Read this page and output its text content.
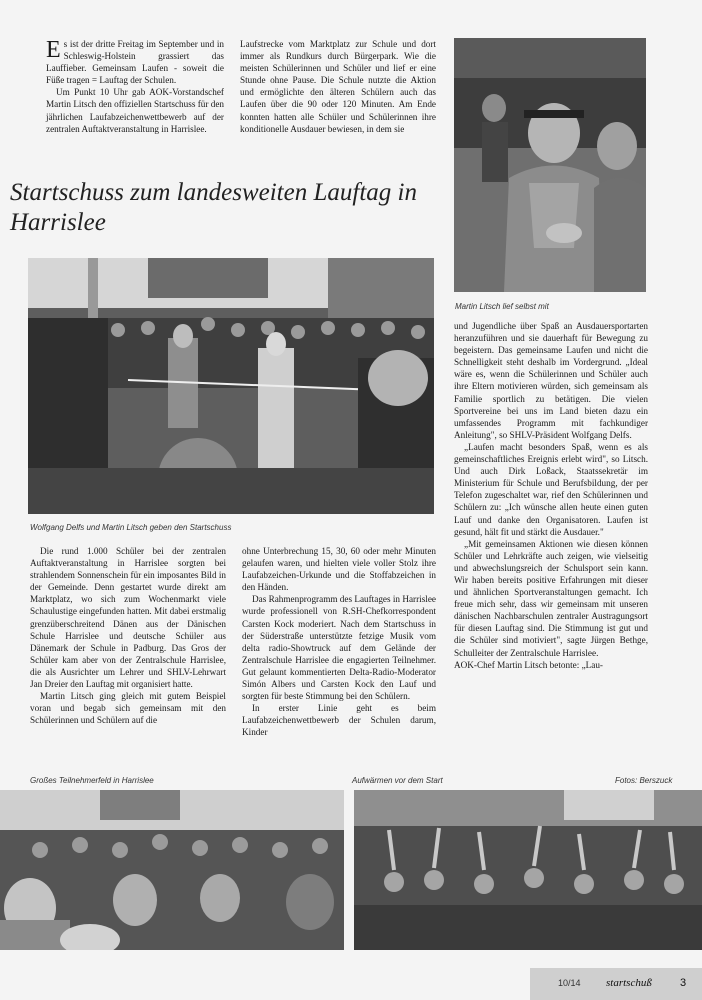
Es ist der dritte Freitag im September und in Schleswig-Holstein grassiert das Lauffieber. Gemeinsam Laufen - soweit die Füße tragen = Lauftag der Schulen.

Um Punkt 10 Uhr gab AOK-Vorstandschef Martin Litsch den offiziellen Startschuss für den jährlichen Laufabzeichenwettbewerb auf der zentralen Auftaktveranstaltung in Harrislee.

Laufstrecke vom Marktplatz zur Schule und dort immer als Rundkurs durch Bürgerpark. Wie die meisten Schülerinnen und Schüler und lief er eine Stunde ohne Pause. Die Schule nutzte die Aktion und ermöglichte den älteren Schülern auch das Laufen über die 90 oder 120 Minuten. Am Ende konnten hatten alle Schüler und Schülerinnen ihre konditionelle Ausdauer bewiesen, in dem sie

Startschuss zum landesweiten Lauftag in Harrislee
Martin Litsch lief selbst mit
Wolfgang Delfs und Martin Litsch geben den Startschuss

Die rund 1.000 Schüler bei der zentralen Auftaktveranstaltung in Harrislee sorgten bei strahlendem Sonnenschein für ein imposantes Bild in der Gemeinde. Denn gestartet wurde direkt am Marktplatz, wo sich zum Wochenmarkt viele Schaulustige eingefunden hatten. Mit dabei erstmalig grenzüberschreitend Dänen aus der Dänischen Schule Harrislee und deutsche Schüler aus Dänemark der Schule in Padburg. Das Gros der Schüler kam aber von der Zentralschule Harrislee, die als Ausrichter um Lehrer und SHLV-Lehrwart Jan Dreier den Lauftag mit organisiert hatte.

Martin Litsch ging gleich mit gutem Beispiel voran und begab sich gemeinsam mit den Schülerinnen und Schülern auf die

ohne Unterbrechung 15, 30, 60 oder mehr Minuten gelaufen waren, und hielten viele voller Stolz ihre Laufabzeichen-Urkunde und die Stoffabzeichen in den Händen.

Das Rahmenprogramm des Lauftages in Harrislee wurde professionell von R.SH-Chefkorrespondent Carsten Kock moderiert. Nach dem Startschuss in der Süderstraße unterstützte fetzige Musik vom delta radio-Showtruck auf dem Gelände der Zentralschule Harrislee die engagierten Teilnehmer. Gut gelaunt kommentierten Delta-Radio-Moderator Simón Albers und Carsten Kock den Lauf und sorgten für beste Stimmung bei den Schülern.

In erster Linie geht es beim Laufabzeichenwettbewerb der Schulen darum, Kinder

und Jugendliche über Spaß an Ausdauersportarten heranzuführen und sie dauerhaft für Bewegung zu begeistern. Das gemeinsame Laufen und nicht die Schnelligkeit steht deshalb im Vordergrund. „Ideal wäre es, wenn die Schülerinnen und Schüler auch ihre Eltern motivieren würden, sich gemeinsam als Familie sportlich zu betätigen. Die vielen Sportvereine bei uns im Land bieten dazu ein umfassendes Programm mit fachkundiger Anleitung", so SHLV-Präsident Wolfgang Delfs.

„Laufen macht besonders Spaß, wenn es als gemeinschaftliches Ereignis erlebt wird", so Litsch. Und auch Dirk Loßack, Staatssekretär im Ministerium für Schule und Berufsbildung, der per Telefon zugeschaltet war, rief den Schülerinnen und Schülern zu: „Ich wünsche allen heute einen guten Lauf und danke den Organisatoren. Laufen ist gesund, hält fit und stärkt die Ausdauer."

„Mit gemeinsamen Aktionen wie diesen können Schüler und Lehrkräfte auch zeigen, wie vielseitig und abwechslungsreich der Schulsport sein kann. Wir haben bereits positive Erfahrungen mit dieser und ähnlichen Sportveranstaltungen gemacht. Ich freue mich sehr, dass wir gemeinsam mit unseren dänischen Nachbarschulen zentraler Austragungsort für diesen Lauftag sind. Die Stimmung ist gut und die Schüler sind motiviert", sagte Jürgen Bethge, Schulleiter der Zentralschule Harrislee.

AOK-Chef Martin Litsch betonte: „Lau-

Großes Teilnehmerfeld in Harrislee	Aufwärmen vor dem Start	Fotos: Berszuck
10/14 startschuß	3
